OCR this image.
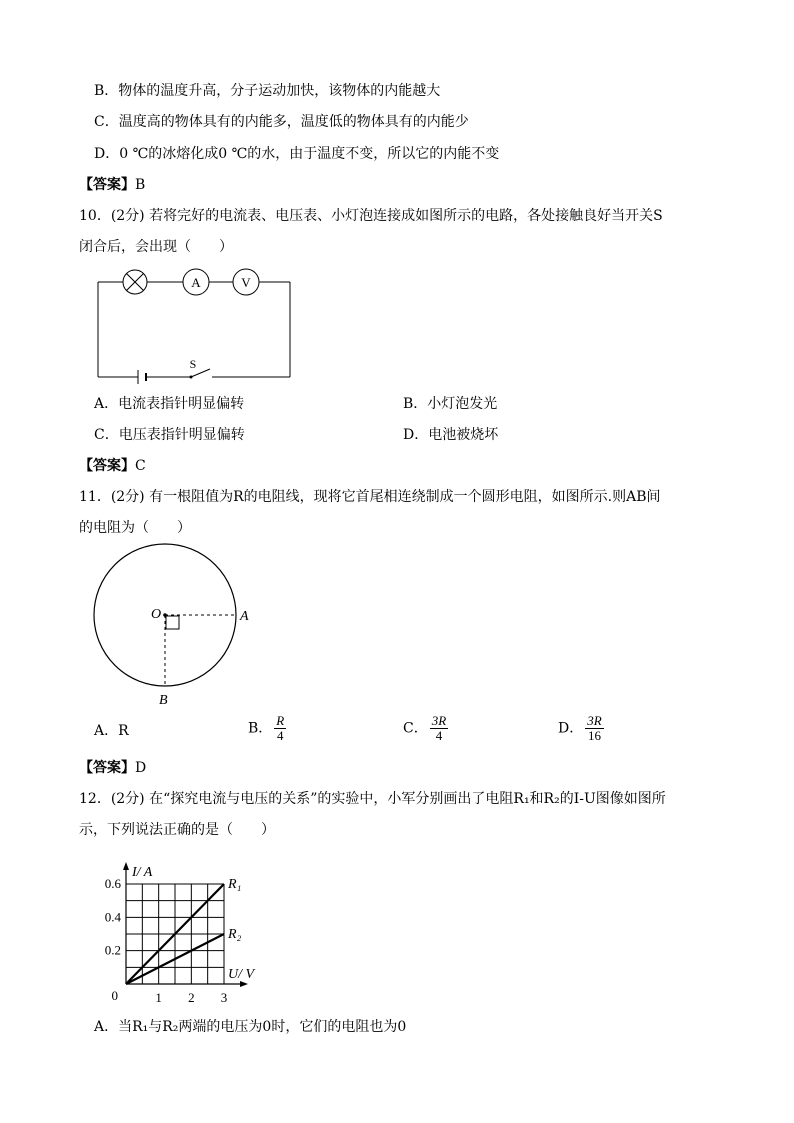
B．物体的温度升高，分子运动加快，该物体的内能越大
C．温度高的物体具有的内能多，温度低的物体具有的内能少
D．0 ℃的冰熔化成0 ℃的水，由于温度不变，所以它的内能不变
【答案】B
10．(2分) 若将完好的电流表、电压表、小灯泡连接成如图所示的电路，各处接触良好当开关S
闭合后，会出现（　　）
A	V
S
A．电流表指针明显偏转	B．小灯泡发光
C．电压表指针明显偏转	D．电池被烧坏
【答案】C
11．(2分) 有一根阻值为R的电阻线，现将它首尾相连绕制成一个圆形电阻，如图所示.则AB间
的电阻为（　　）
O	A
B
A．R	B． $\frac{R}{4}$	C． $\frac{3R}{4}$	D． $\frac{3R}{16}$
【答案】D
12．(2分) 在“探究电流与电压的关系”的实验中，小军分别画出了电阻R₁和R₂的I-U图像如图所
示，下列说法正确的是（　　）
R₁
R₂
1 2 3
0.2
0.4
0.6
0
I/ A
U/ V
A．当R₁与R₂两端的电压为0时，它们的电阻也为0
